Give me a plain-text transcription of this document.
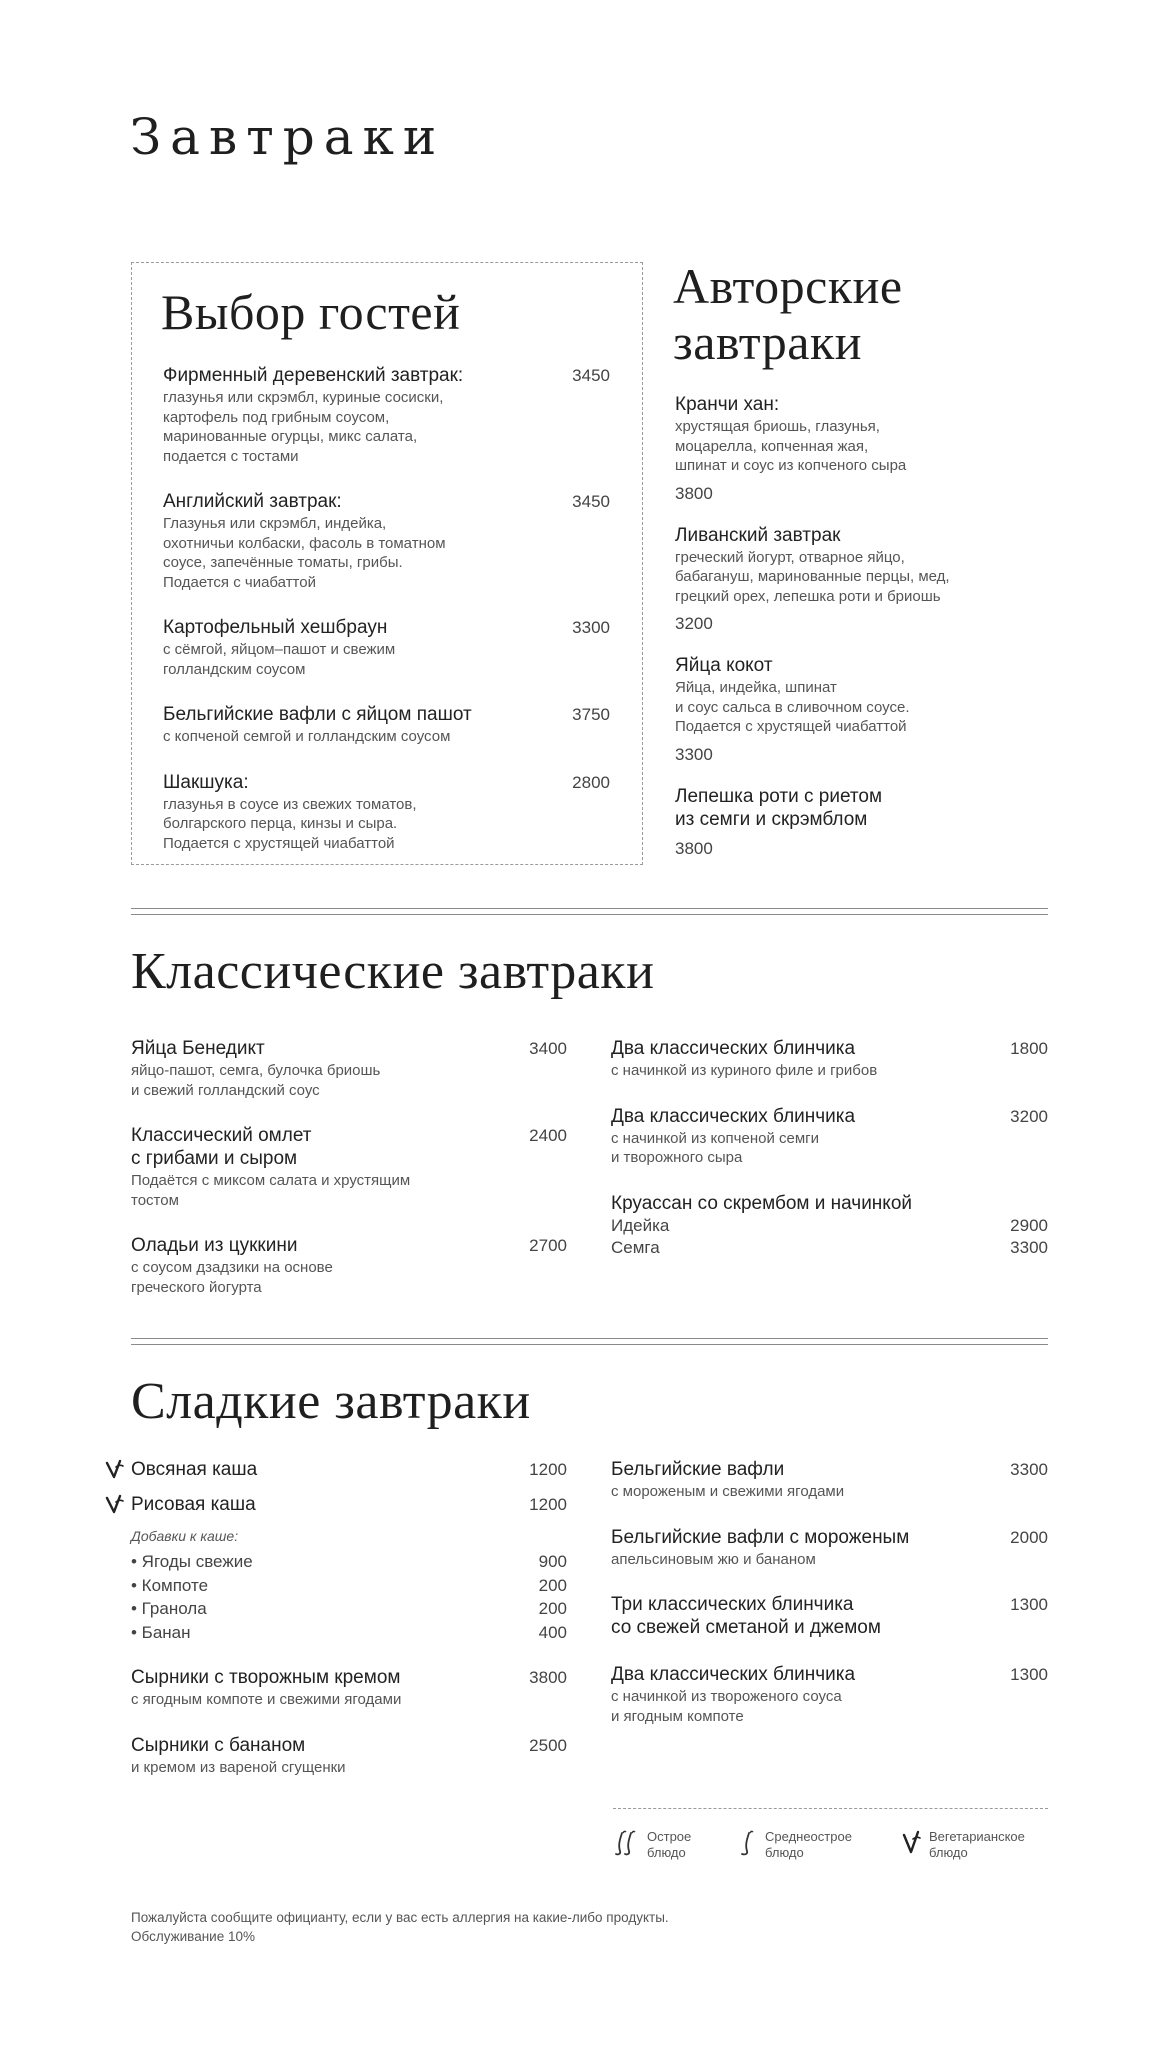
Завтраки
Выбор гостей
Фирменный деревенский завтрак:	3450
глазунья или скрэмбл, куриные сосиски,
картофель под грибным соусом,
маринованные огурцы, микс салата,
подается с тостами
Английский завтрак:	3450
Глазунья или скрэмбл, индейка,
охотничьи колбаски, фасоль в томатном
соусе, запечённые томаты, грибы.
Подается с чиабаттой
Картофельный хешбраун	3300
с сёмгой, яйцом–пашот и свежим
голландским соусом
Бельгийские вафли с яйцом пашот	3750
с копченой семгой и голландским соусом
Шакшука:	2800
глазунья в соусе из свежих томатов,
болгарского перца, кинзы и сыра.
Подается с хрустящей чиабаттой
Авторские
завтраки
Кранчи хан:
хрустящая бриошь, глазунья,
моцарелла, копченная жая,
шпинат и соус из копченого сыра
3800
Ливанский завтрак
греческий йогурт, отварное яйцо,
бабагануш, маринованные перцы, мед,
грецкий орех, лепешка роти и бриошь
3200
Яйца кокот
Яйца, индейка, шпинат
и соус сальса в сливочном соусе.
Подается с хрустящей чиабаттой
3300
Лепешка роти с риетом
из семги и скрэмблом
3800
Классические завтраки
Яйца Бенедикт	3400
яйцо-пашот, семга, булочка бриошь
и свежий голландский соус
Классический омлет
с грибами и сыром
2400
Подаётся с миксом салата и хрустящим
тостом
Оладьи из цуккини	2700
с соусом дзадзики на основе
греческого йогурта
Два классических блинчика	1800
с начинкой из куриного филе и грибов
Два классических блинчика	3200
с начинкой из копченой семги
и творожного сыра
Круассан со скрембом и начинкой
Идейка	2900
Семга	3300
Сладкие завтраки
Овсяная каша	1200
Рисовая каша	1200
Добавки к каше:
• Ягоды свежие	900
• Компоте	200
• Гранола	200
• Банан	400
Сырники с творожным кремом	3800
с ягодным компоте и свежими ягодами
Сырники с бананом	2500
и кремом из вареной сгущенки
Бельгийские вафли	3300
с мороженым и свежими ягодами
Бельгийские вафли с мороженым	2000
апельсиновым жю и бананом
Три классических блинчика
со свежей сметаной и джемом
1300
Два классических блинчика	1300
с начинкой из твороженого соуса
и ягодным компоте
Острое
блюдо
Среднеострое
блюдо
Вегетарианское
блюдо
Пожалуйста сообщите официанту, если у вас есть аллергия на какие-либо продукты.
Обслуживание 10%
